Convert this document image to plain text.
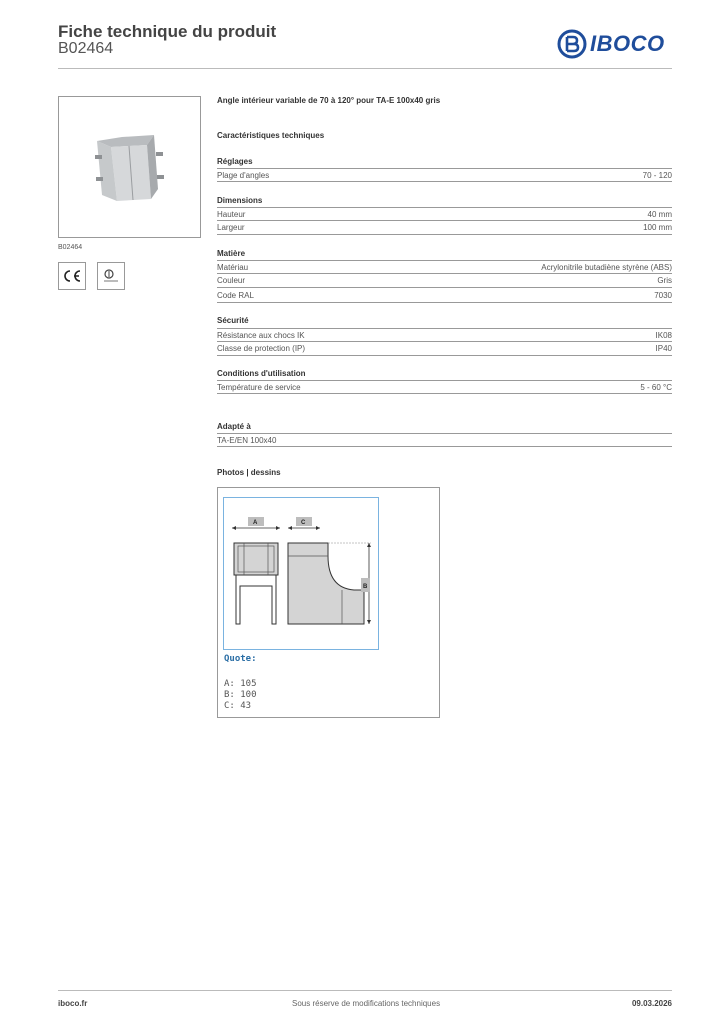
Fiche technique du produit
B02464	IBOCO
B02464
Angle intérieur variable de 70 à 120° pour TA-E 100x40 gris
Caractéristiques techniques
Réglages
Plage d'angles	70 - 120
Dimensions
Hauteur	40 mm
Largeur	100 mm
Matière
Matériau	Acrylonitrile butadiène styrène (ABS)
Couleur	Gris
Code RAL	7030
Sécurité
Résistance aux chocs IK	IK08
Classe de protection (IP)	IP40
Conditions d'utilisation
Température de service	5 - 60 °C
Adapté à
TA-E/EN 100x40
Photos | dessins
A	C
B
Quote:
A: 105
B: 100
C: 43
iboco.fr	Sous réserve de modifications techniques	09.03.2026
